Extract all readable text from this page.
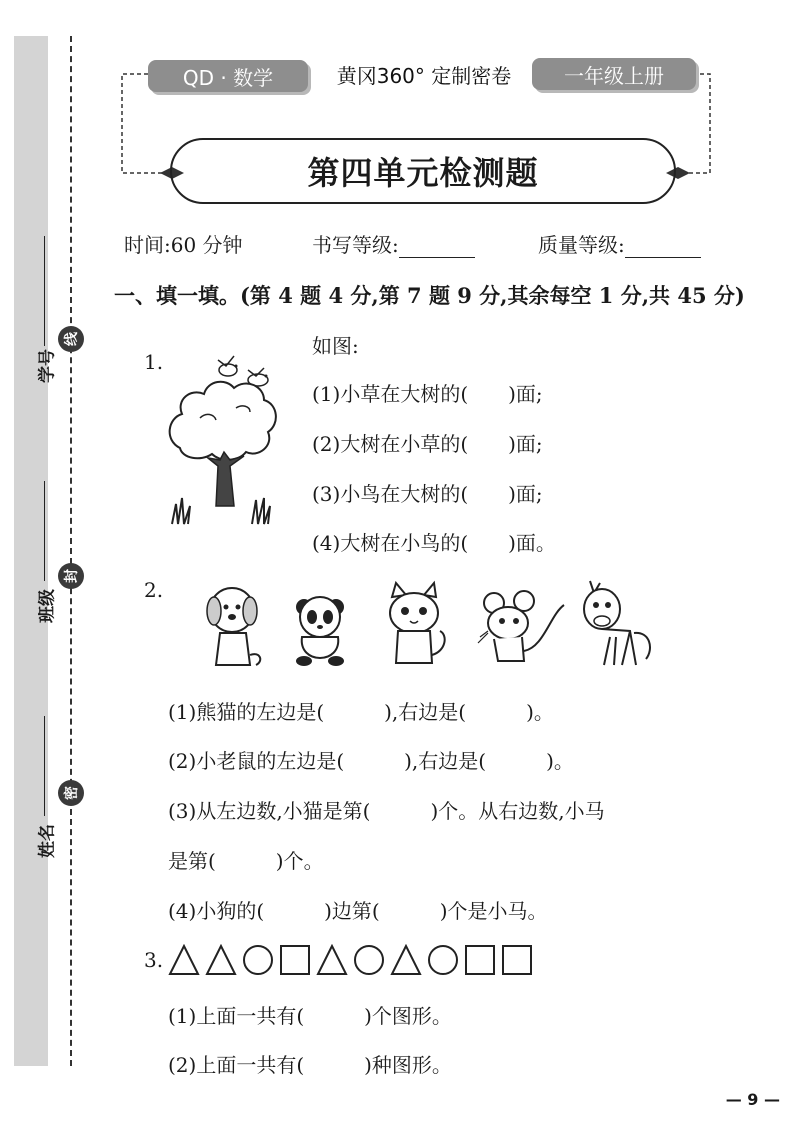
学号
班级
姓名
线
封
密
QD · 数学	黄冈360° 定制密卷	一年级上册
第四单元检测题
时间:60 分钟	书写等级:	质量等级:
一、填一填。(第 4 题 4 分,第 7 题 9 分,其余每空 1 分,共 45 分)
1.
如图:
(1)小草在大树的(　　)面;
(2)大树在小草的(　　)面;
(3)小鸟在大树的(　　)面;
(4)大树在小鸟的(　　)面。
2.
(1)熊猫的左边是(　　　),右边是(　　　)。
(2)小老鼠的左边是(　　　),右边是(　　　)。
(3)从左边数,小猫是第(　　　)个。从右边数,小马
是第(　　　)个。
(4)小狗的(　　　)边第(　　　)个是小马。
3.
(1)上面一共有(　　　)个图形。
(2)上面一共有(　　　)种图形。
— 9 —
